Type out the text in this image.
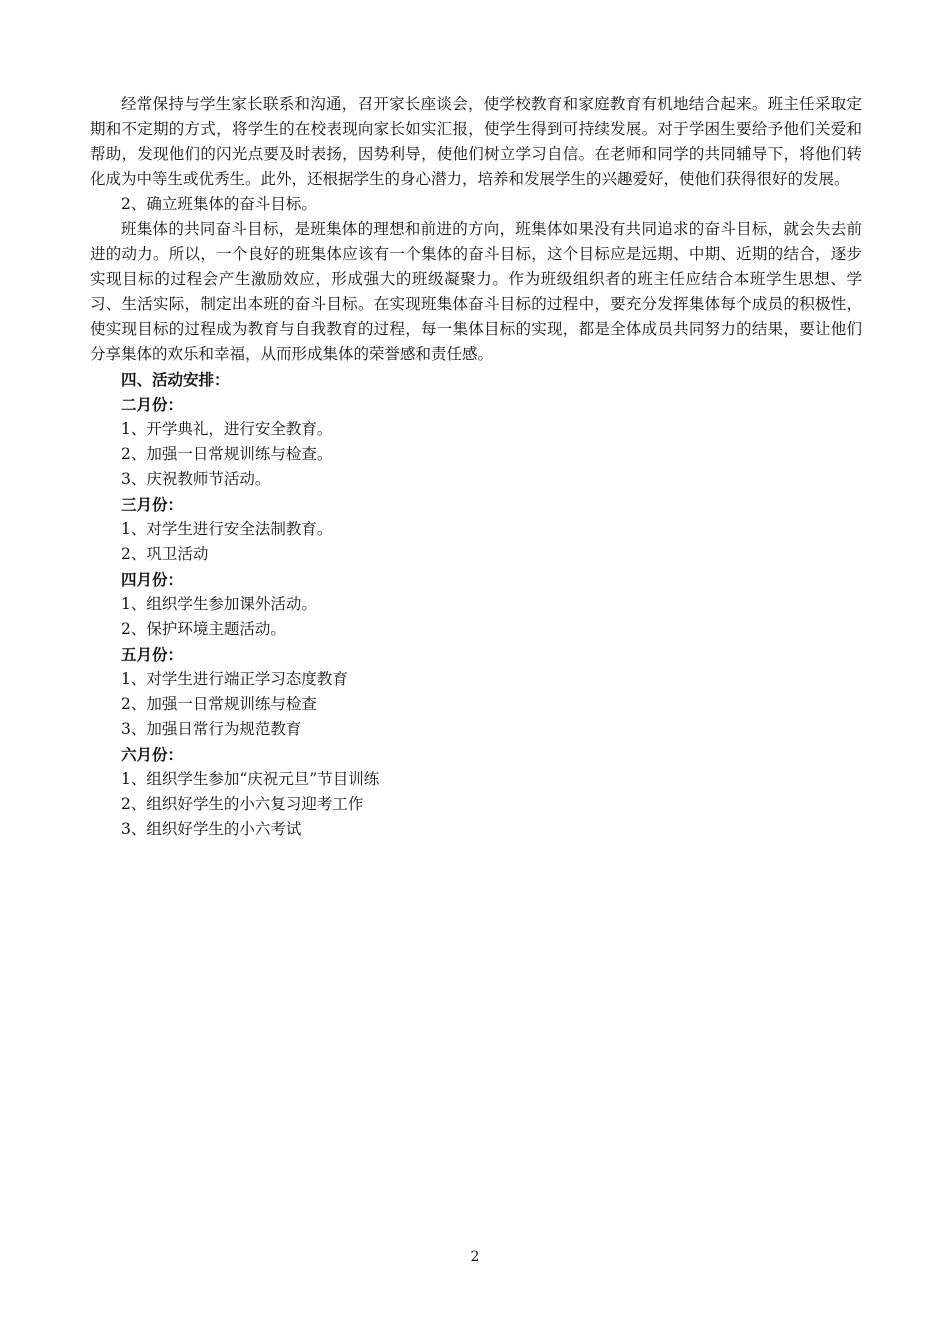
经常保持与学生家长联系和沟通，召开家长座谈会，使学校教育和家庭教育有机地结合起来。班主任采取定期和不定期的方式，将学生的在校表现向家长如实汇报，使学生得到可持续发展。对于学困生要给予他们关爱和帮助，发现他们的闪光点要及时表扬，因势利导，使他们树立学习自信。在老师和同学的共同辅导下，将他们转化成为中等生或优秀生。此外，还根据学生的身心潜力，培养和发展学生的兴趣爱好，使他们获得很好的发展。

2、确立班集体的奋斗目标。

班集体的共同奋斗目标，是班集体的理想和前进的方向，班集体如果没有共同追求的奋斗目标，就会失去前进的动力。所以，一个良好的班集体应该有一个集体的奋斗目标，这个目标应是远期、中期、近期的结合，逐步实现目标的过程会产生激励效应，形成强大的班级凝聚力。作为班级组织者的班主任应结合本班学生思想、学习、生活实际，制定出本班的奋斗目标。在实现班集体奋斗目标的过程中，要充分发挥集体每个成员的积极性，使实现目标的过程成为教育与自我教育的过程，每一集体目标的实现，都是全体成员共同努力的结果，要让他们分享集体的欢乐和幸福，从而形成集体的荣誉感和责任感。

四、活动安排：

二月份：

1、开学典礼，进行安全教育。

2、加强一日常规训练与检查。

3、庆祝教师节活动。

三月份：

1、对学生进行安全法制教育。

2、巩卫活动

四月份：

1、组织学生参加课外活动。

2、保护环境主题活动。

五月份：

1、对学生进行端正学习态度教育

2、加强一日常规训练与检查

3、加强日常行为规范教育

六月份：

1、组织学生参加“庆祝元旦”节目训练

2、组织好学生的小六复习迎考工作

3、组织好学生的小六考试

2
